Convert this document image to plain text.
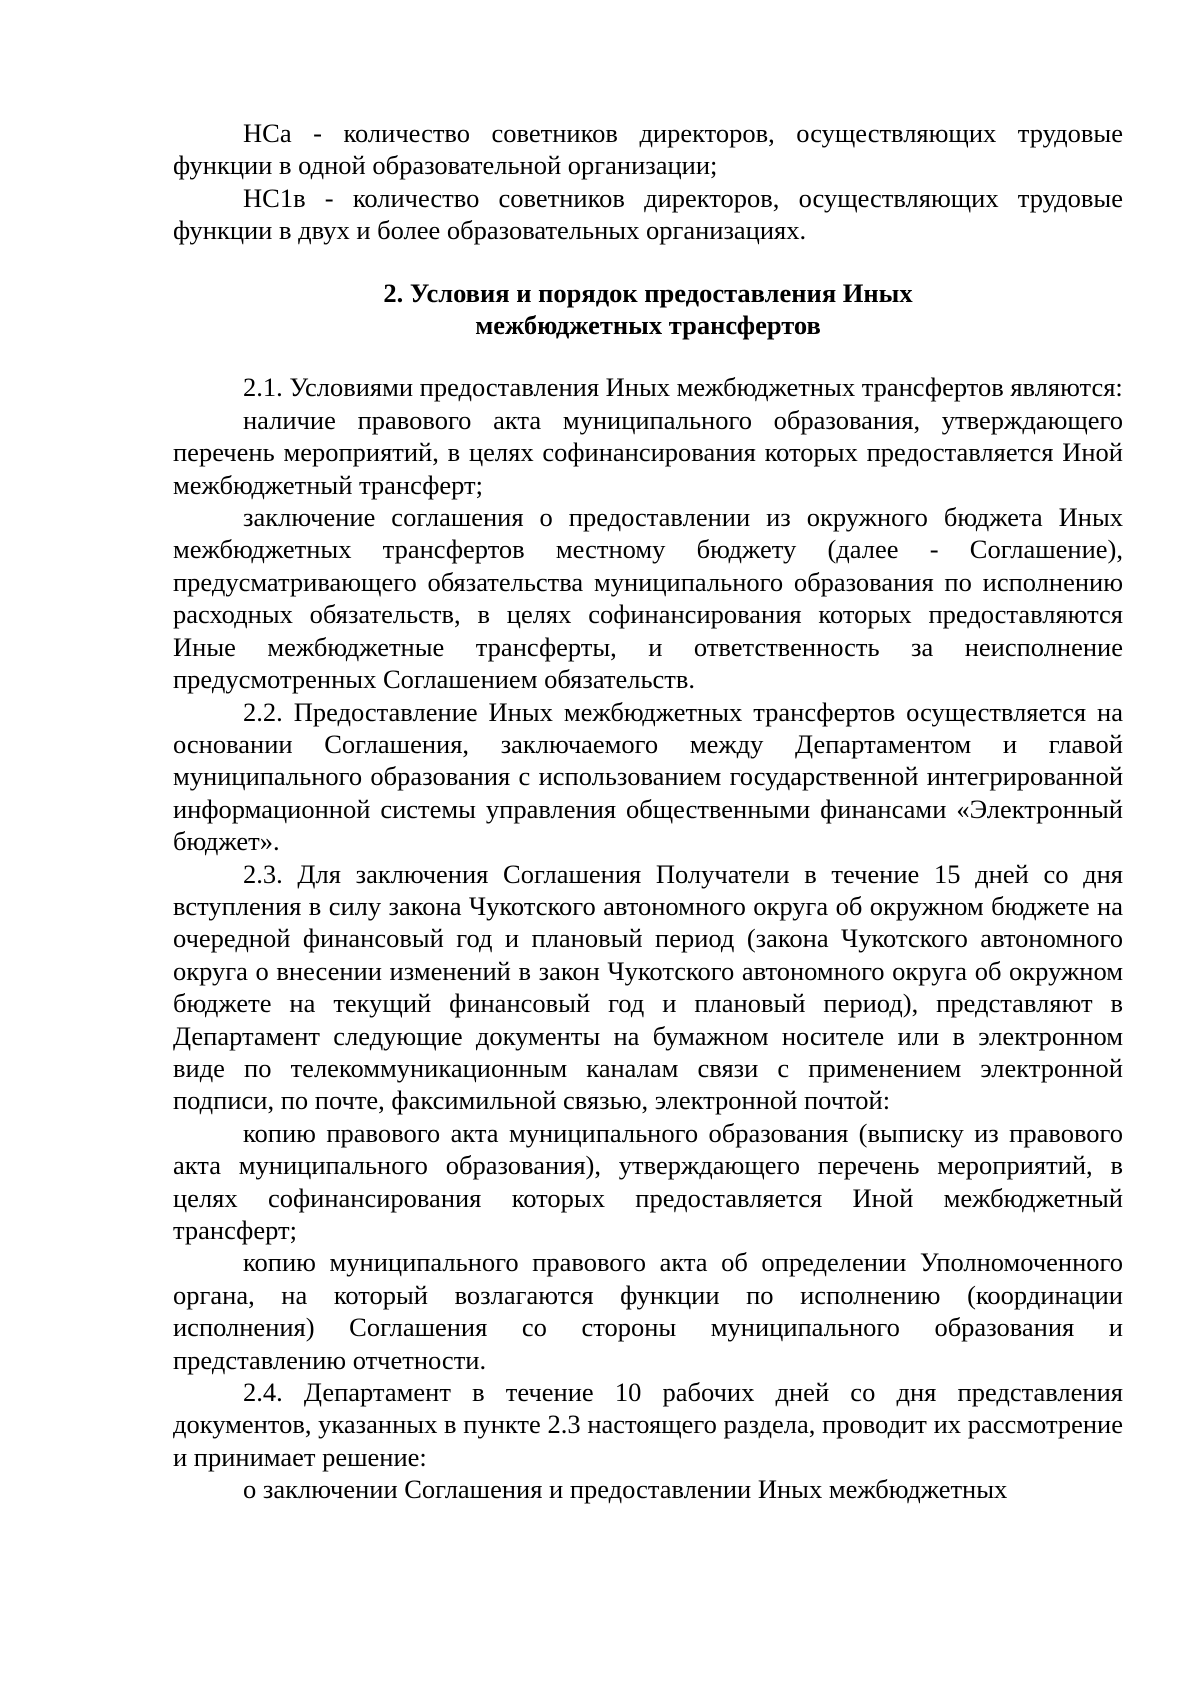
НСа - количество советников директоров, осуществляющих трудовые функции в одной образовательной организации;

НС1в - количество советников директоров, осуществляющих трудовые функции в двух и более образовательных организациях.

2. Условия и порядок предоставления Иных
межбюджетных трансфертов

2.1. Условиями предоставления Иных межбюджетных трансфертов являются:

наличие правового акта муниципального образования, утверждающего перечень мероприятий, в целях софинансирования которых предоставляется Иной межбюджетный трансферт;

заключение соглашения о предоставлении из окружного бюджета Иных межбюджетных трансфертов местному бюджету (далее - Соглашение), предусматривающего обязательства муниципального образования по исполнению расходных обязательств, в целях софинансирования которых предоставляются Иные межбюджетные трансферты, и ответственность за неисполнение предусмотренных Соглашением обязательств.

2.2. Предоставление Иных межбюджетных трансфертов осуществляется на основании Соглашения, заключаемого между Департаментом и главой муниципального образования с использованием государственной интегрированной информационной системы управления общественными финансами «Электронный бюджет».

2.3. Для заключения Соглашения Получатели в течение 15 дней со дня вступления в силу закона Чукотского автономного округа об окружном бюджете на очередной финансовый год и плановый период (закона Чукотского автономного округа о внесении изменений в закон Чукотского автономного округа об окружном бюджете на текущий финансовый год и плановый период), представляют в Департамент следующие документы на бумажном носителе или в электронном виде по телекоммуникационным каналам связи с применением электронной подписи, по почте, факсимильной связью, электронной почтой:

копию правового акта муниципального образования (выписку из правового акта муниципального образования), утверждающего перечень мероприятий, в целях софинансирования которых предоставляется Иной межбюджетный трансферт;

копию муниципального правового акта об определении Уполномоченного органа, на который возлагаются функции по исполнению (координации исполнения) Соглашения со стороны муниципального образования и представлению отчетности.

2.4. Департамент в течение 10 рабочих дней со дня представления документов, указанных в пункте 2.3 настоящего раздела, проводит их рассмотрение и принимает решение:

о заключении Соглашения и предоставлении Иных межбюджетных
